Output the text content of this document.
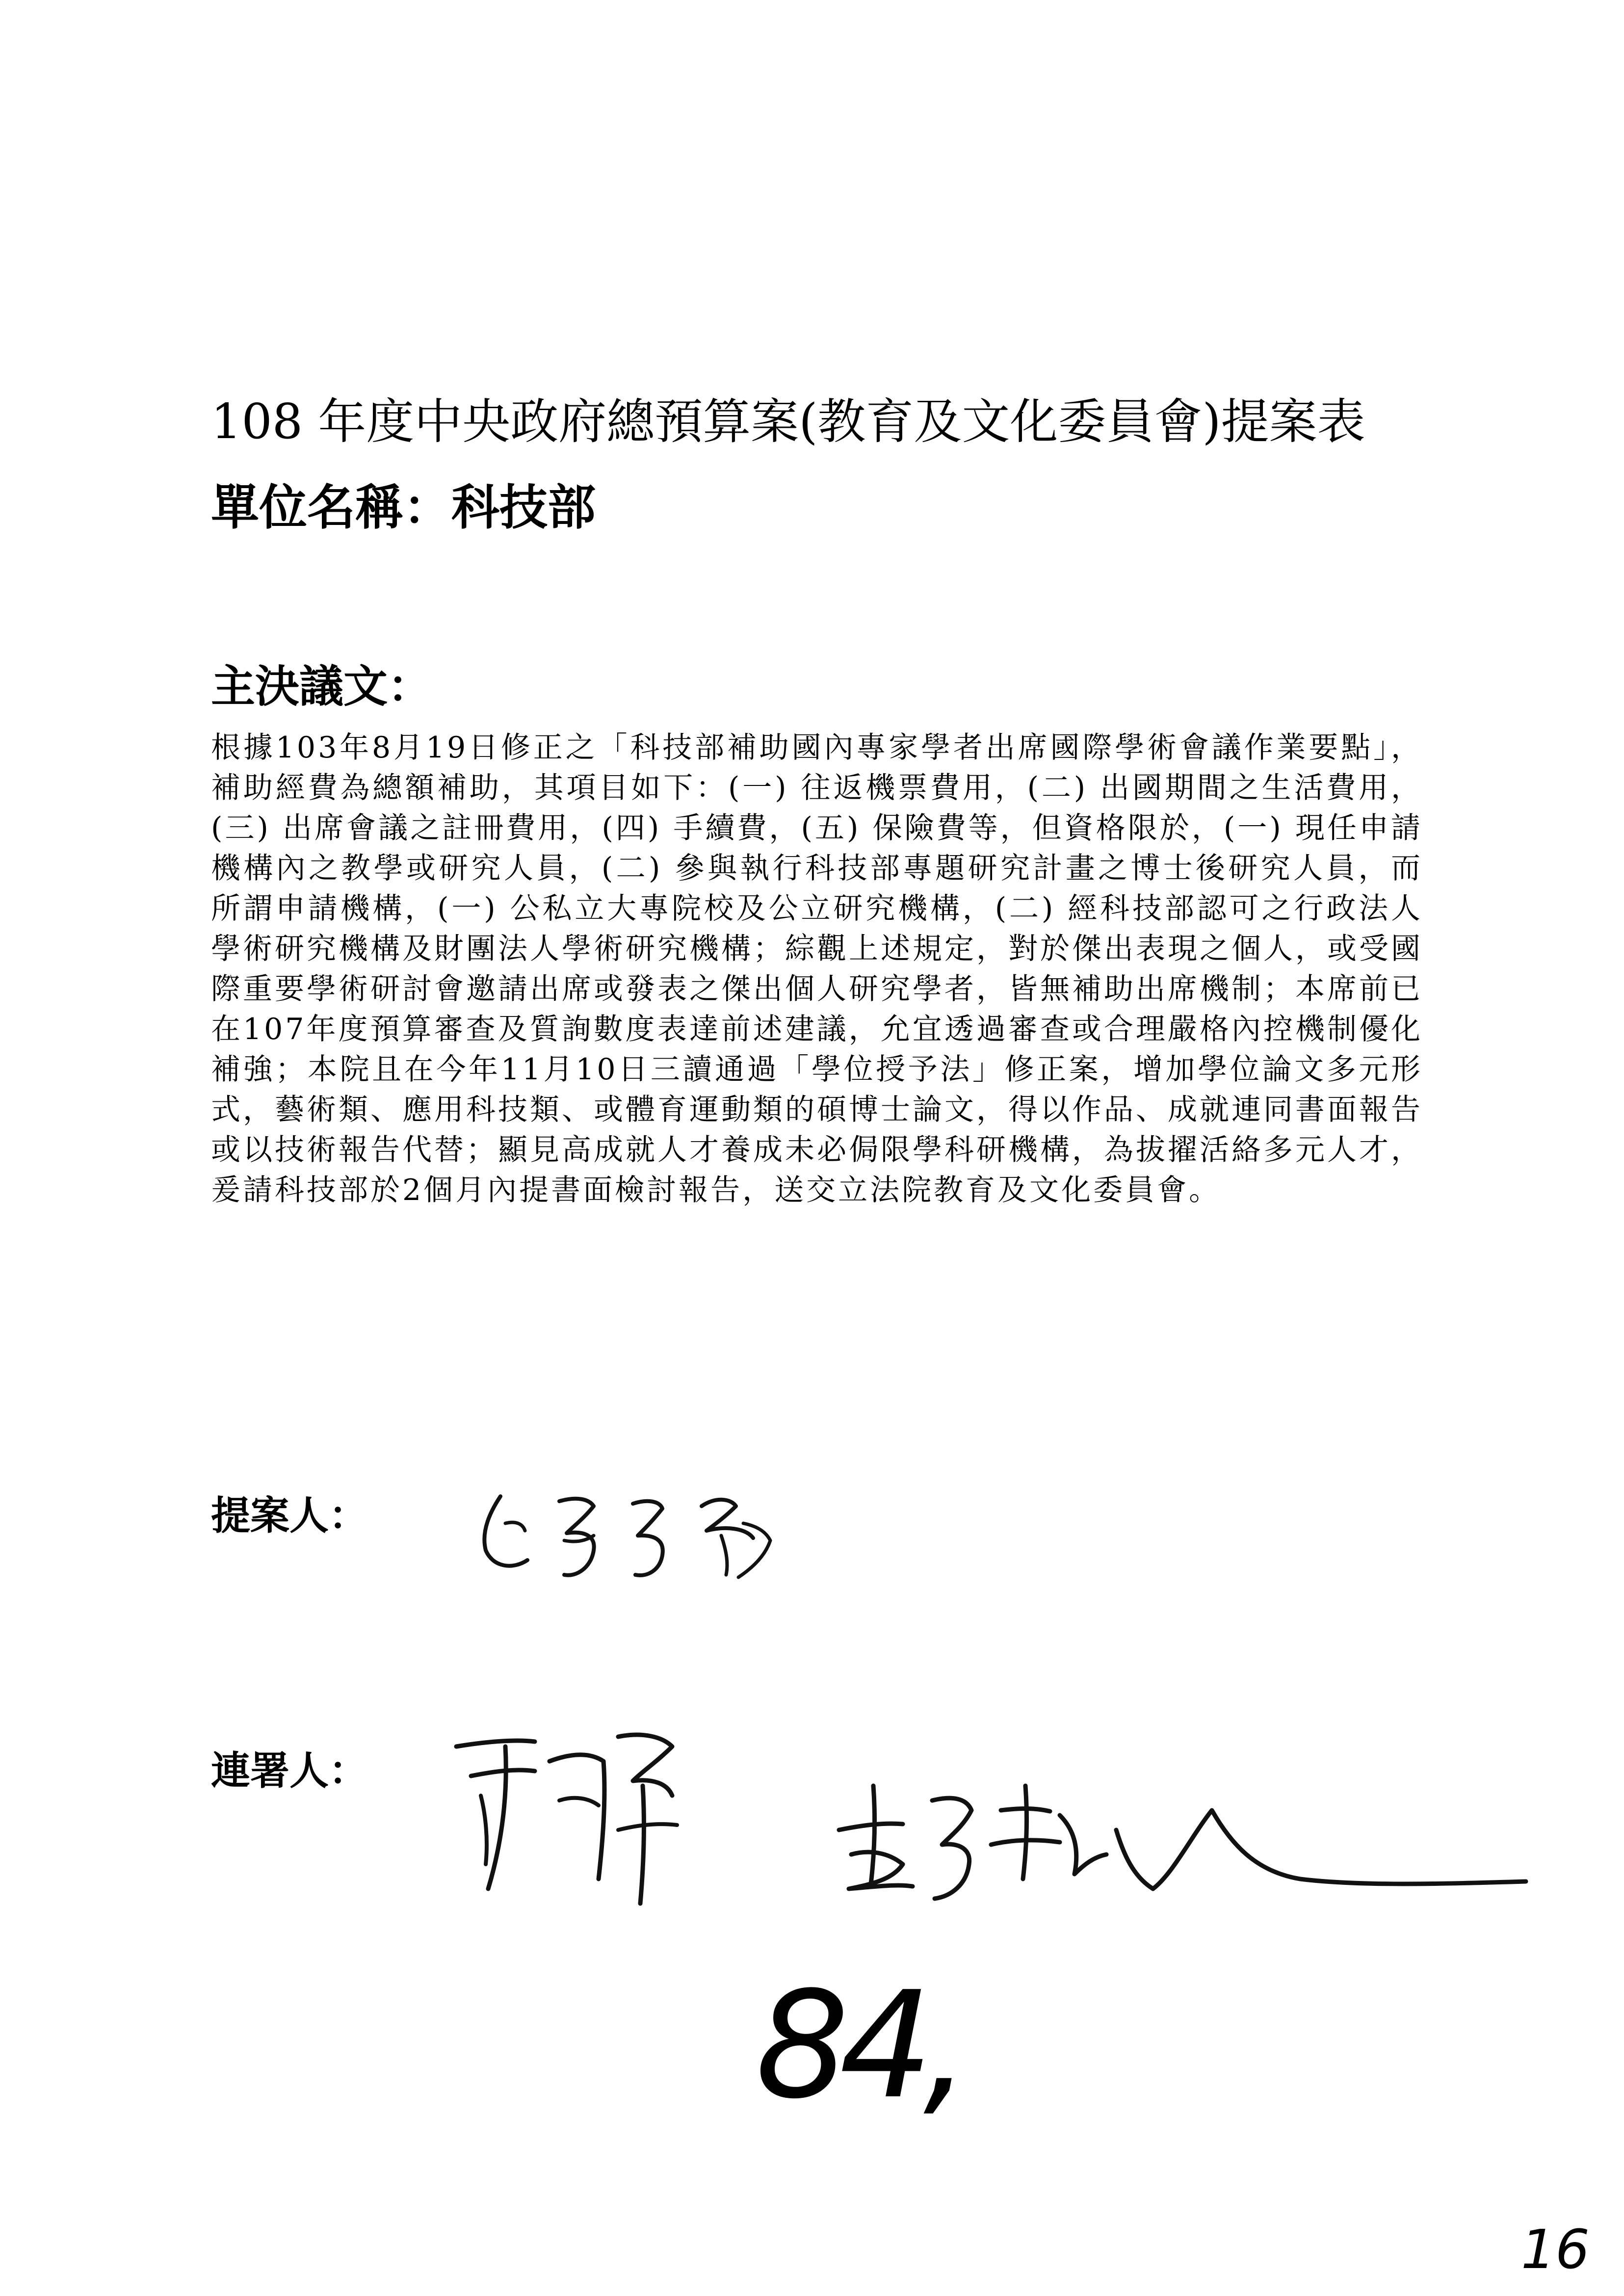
108 年度中央政府總預算案(教育及文化委員會)提案表
單位名稱：科技部
主決議文：

根據103年8月19日修正之「科技部補助國內專家學者出席國際學術會議作業要點」，補助經費為總額補助，其項目如下：(一) 往返機票費用，(二) 出國期間之生活費用，(三) 出席會議之註冊費用，(四) 手續費，(五) 保險費等，但資格限於，(一) 現任申請機構內之教學或研究人員，(二) 參與執行科技部專題研究計畫之博士後研究人員，而所謂申請機構，(一) 公私立大專院校及公立研究機構，(二) 經科技部認可之行政法人學術研究機構及財團法人學術研究機構；綜觀上述規定，對於傑出表現之個人，或受國際重要學術研討會邀請出席或發表之傑出個人研究學者，皆無補助出席機制；本席前已在107年度預算審查及質詢數度表達前述建議，允宜透過審查或合理嚴格內控機制優化補強；本院且在今年11月10日三讀通過「學位授予法」修正案，增加學位論文多元形式，藝術類、應用科技類、或體育運動類的碩博士論文，得以作品、成就連同書面報告或以技術報告代替；顯見高成就人才養成未必侷限學科研機構，為拔擢活絡多元人才，爰請科技部於2個月內提書面檢討報告，送交立法院教育及文化委員會。

提案人：
連署人：
84,
16
